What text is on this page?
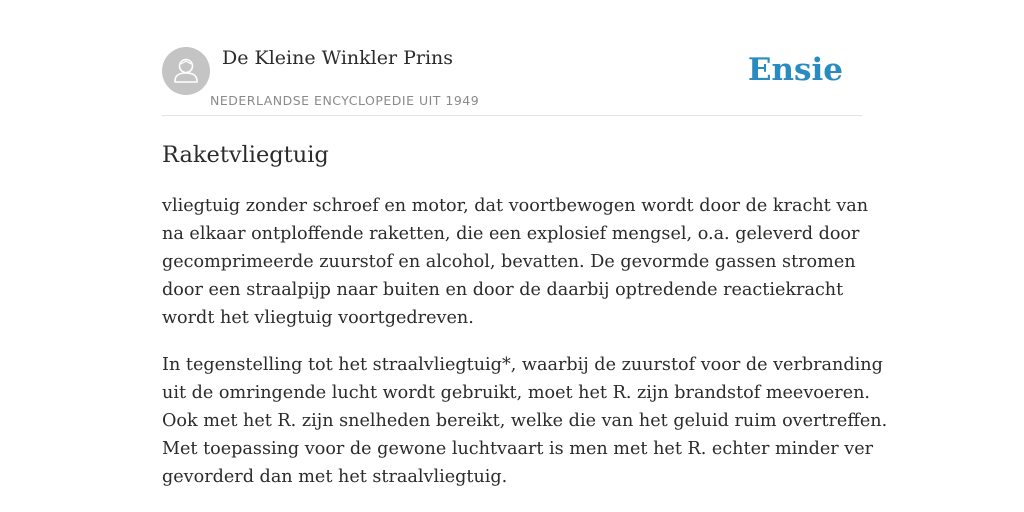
De Kleine Winkler Prins
NEDERLANDSE ENCYCLOPEDIE UIT 1949
Ensie
Raketvliegtuig
vliegtuig zonder schroef en motor, dat voortbewogen wordt door de kracht van
na elkaar ontploffende raketten, die een explosief mengsel, o.a. geleverd door
gecomprimeerde zuurstof en alcohol, bevatten. De gevormde gassen stromen
door een straalpijp naar buiten en door de daarbij optredende reactiekracht
wordt het vliegtuig voortgedreven.
In tegenstelling tot het straalvliegtuig*, waarbij de zuurstof voor de verbranding
uit de omringende lucht wordt gebruikt, moet het R. zijn brandstof meevoeren.
Ook met het R. zijn snelheden bereikt, welke die van het geluid ruim overtreffen.
Met toepassing voor de gewone luchtvaart is men met het R. echter minder ver
gevorderd dan met het straalvliegtuig.
